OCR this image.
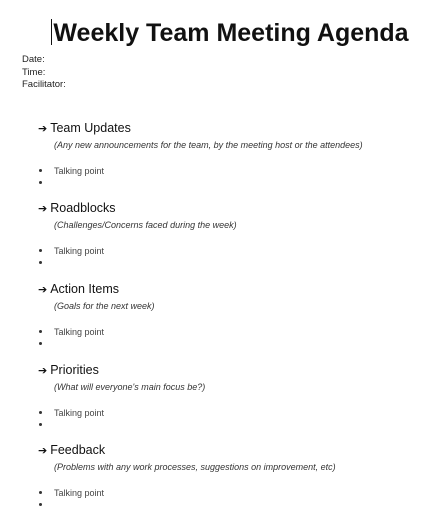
Weekly Team Meeting Agenda
Date:
Time:
Facilitator:
➔ Team Updates
(Any new announcements for the team, by the meeting host or the attendees)
Talking point
➔ Roadblocks
(Challenges/Concerns faced during the week)
Talking point
➔ Action Items
(Goals for the next week)
Talking point
➔ Priorities
(What will everyone's main focus be?)
Talking point
➔ Feedback
(Problems with any work processes, suggestions on improvement, etc)
Talking point
